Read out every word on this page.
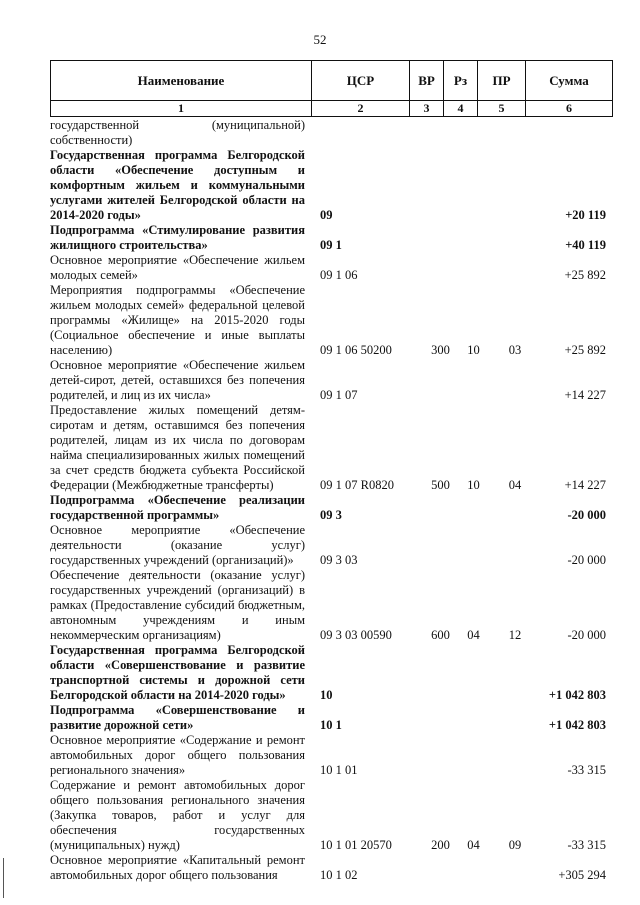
52
Наименование	ЦСР	ВР	Рз	ПР	Сумма
1	2	3	4	5	6
государственной (муниципальной) собственности)
Государственная программа Белгородской области «Обеспечение доступным и комфортным жильем и коммунальными услугами жителей Белгородской области на 2014-2020 годы»	09	+20 119
Подпрограмма «Стимулирование развития жилищного строительства»	09 1	+40 119
Основное мероприятие «Обеспечение жильем молодых семей»	09 1 06	+25 892
Мероприятия подпрограммы «Обеспечение жильем молодых семей» федеральной целевой программы «Жилище» на 2015-2020 годы (Социальное обеспечение и иные выплаты населению)	09 1 06 50200	300	10	03	+25 892
Основное мероприятие «Обеспечение жильем детей-сирот, детей, оставшихся без попечения родителей, и лиц из их числа»	09 1 07	+14 227
Предоставление жилых помещений детям-сиротам и детям, оставшимся без попечения родителей, лицам из их числа по договорам найма специализированных жилых помещений за счет средств бюджета субъекта Российской Федерации (Межбюджетные трансферты)	09 1 07 R0820	500	10	04	+14 227
Подпрограмма «Обеспечение реализации государственной программы»	09 3	-20 000
Основное мероприятие «Обеспечение деятельности (оказание услуг) государственных учреждений (организаций)»	09 3 03	-20 000
Обеспечение деятельности (оказание услуг) государственных учреждений (организаций) в рамках (Предоставление субсидий бюджетным, автономным учреждениям и иным некоммерческим организациям)	09 3 03 00590	600	04	12	-20 000
Государственная программа Белгородской области «Совершенствование и развитие транспортной системы и дорожной сети Белгородской области на 2014-2020 годы»	10	+1 042 803
Подпрограмма «Совершенствование и развитие дорожной сети»	10 1	+1 042 803
Основное мероприятие «Содержание и ремонт автомобильных дорог общего пользования регионального значения»	10 1 01	-33 315
Содержание и ремонт автомобильных дорог общего пользования регионального значения (Закупка товаров, работ и услуг для обеспечения государственных (муниципальных) нужд)	10 1 01 20570	200	04	09	-33 315
Основное мероприятие «Капитальный ремонт автомобильных дорог общего пользования	10 1 02	+305 294
